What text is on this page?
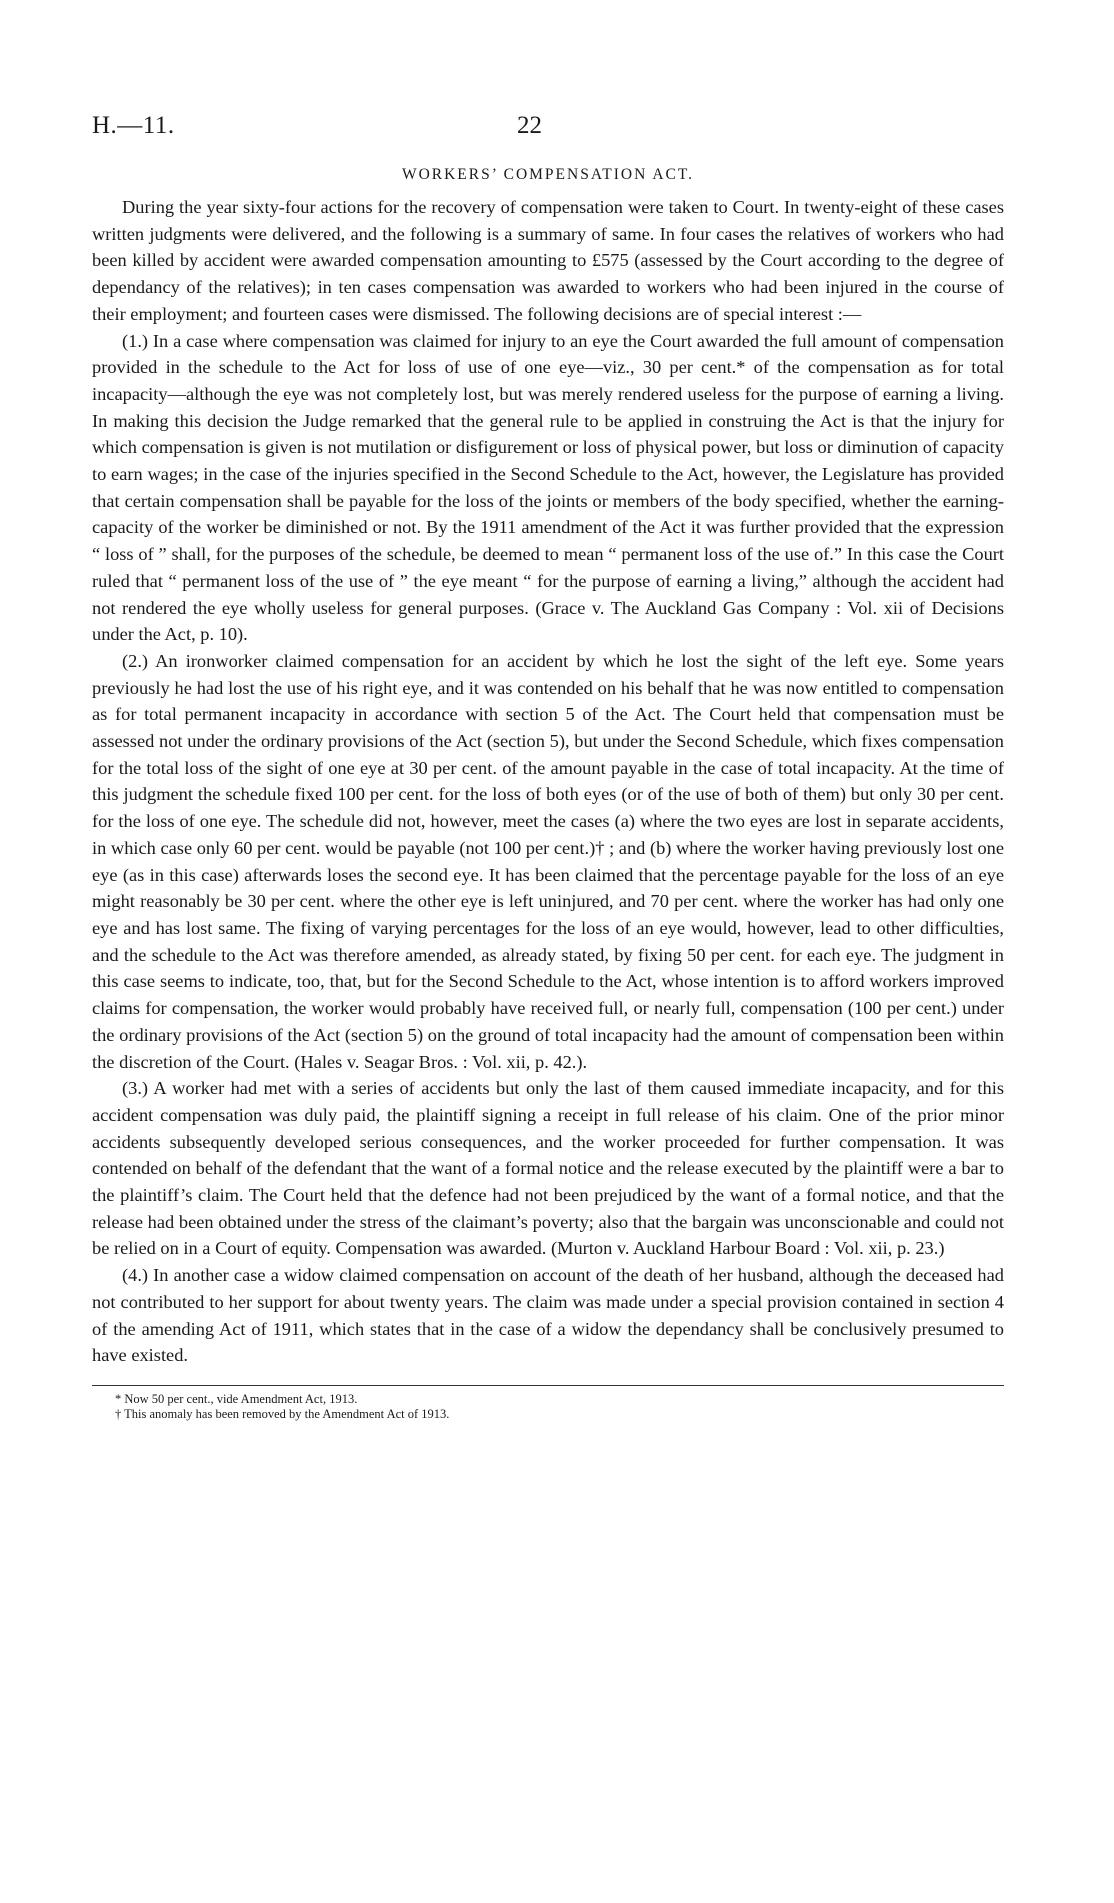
H.—11.	22
WORKERS’ COMPENSATION ACT.

During the year sixty-four actions for the recovery of compensation were taken to Court. In twenty-eight of these cases written judgments were delivered, and the following is a summary of same. In four cases the relatives of workers who had been killed by accident were awarded compensation amounting to £575 (assessed by the Court according to the degree of dependancy of the relatives); in ten cases compensation was awarded to workers who had been injured in the course of their employment; and fourteen cases were dismissed. The following decisions are of special interest :—

(1.) In a case where compensation was claimed for injury to an eye the Court awarded the full amount of compensation provided in the schedule to the Act for loss of use of one eye—viz., 30 per cent.* of the compensation as for total incapacity—although the eye was not completely lost, but was merely rendered useless for the purpose of earning a living. In making this decision the Judge remarked that the general rule to be applied in construing the Act is that the injury for which compensation is given is not mutilation or disfigurement or loss of physical power, but loss or diminution of capacity to earn wages; in the case of the injuries specified in the Second Schedule to the Act, however, the Legislature has provided that certain compensation shall be payable for the loss of the joints or members of the body specified, whether the earning-capacity of the worker be diminished or not. By the 1911 amendment of the Act it was further provided that the expression “ loss of ” shall, for the purposes of the schedule, be deemed to mean “ permanent loss of the use of.” In this case the Court ruled that “ permanent loss of the use of ” the eye meant “ for the purpose of earning a living,” although the accident had not rendered the eye wholly useless for general purposes. (Grace v. The Auckland Gas Company : Vol. xii of Decisions under the Act, p. 10).

(2.) An ironworker claimed compensation for an accident by which he lost the sight of the left eye. Some years previously he had lost the use of his right eye, and it was contended on his behalf that he was now entitled to compensation as for total permanent incapacity in accordance with section 5 of the Act. The Court held that compensation must be assessed not under the ordinary provisions of the Act (section 5), but under the Second Schedule, which fixes compensation for the total loss of the sight of one eye at 30 per cent. of the amount payable in the case of total incapacity. At the time of this judgment the schedule fixed 100 per cent. for the loss of both eyes (or of the use of both of them) but only 30 per cent. for the loss of one eye. The schedule did not, however, meet the cases (a) where the two eyes are lost in separate accidents, in which case only 60 per cent. would be payable (not 100 per cent.)† ; and (b) where the worker having previously lost one eye (as in this case) afterwards loses the second eye. It has been claimed that the percentage payable for the loss of an eye might reasonably be 30 per cent. where the other eye is left uninjured, and 70 per cent. where the worker has had only one eye and has lost same. The fixing of varying percentages for the loss of an eye would, however, lead to other difficulties, and the schedule to the Act was therefore amended, as already stated, by fixing 50 per cent. for each eye. The judgment in this case seems to indicate, too, that, but for the Second Schedule to the Act, whose intention is to afford workers improved claims for compensation, the worker would probably have received full, or nearly full, compensation (100 per cent.) under the ordinary provisions of the Act (section 5) on the ground of total incapacity had the amount of compensation been within the discretion of the Court. (Hales v. Seagar Bros. : Vol. xii, p. 42.).

(3.) A worker had met with a series of accidents but only the last of them caused immediate incapacity, and for this accident compensation was duly paid, the plaintiff signing a receipt in full release of his claim. One of the prior minor accidents subsequently developed serious consequences, and the worker proceeded for further compensation. It was contended on behalf of the defendant that the want of a formal notice and the release executed by the plaintiff were a bar to the plaintiff’s claim. The Court held that the defence had not been prejudiced by the want of a formal notice, and that the release had been obtained under the stress of the claimant’s poverty; also that the bargain was unconscionable and could not be relied on in a Court of equity. Compensation was awarded. (Murton v. Auckland Harbour Board : Vol. xii, p. 23.)

(4.) In another case a widow claimed compensation on account of the death of her husband, although the deceased had not contributed to her support for about twenty years. The claim was made under a special provision contained in section 4 of the amending Act of 1911, which states that in the case of a widow the dependancy shall be conclusively presumed to have existed.

* Now 50 per cent., vide Amendment Act, 1913.
† This anomaly has been removed by the Amendment Act of 1913.
